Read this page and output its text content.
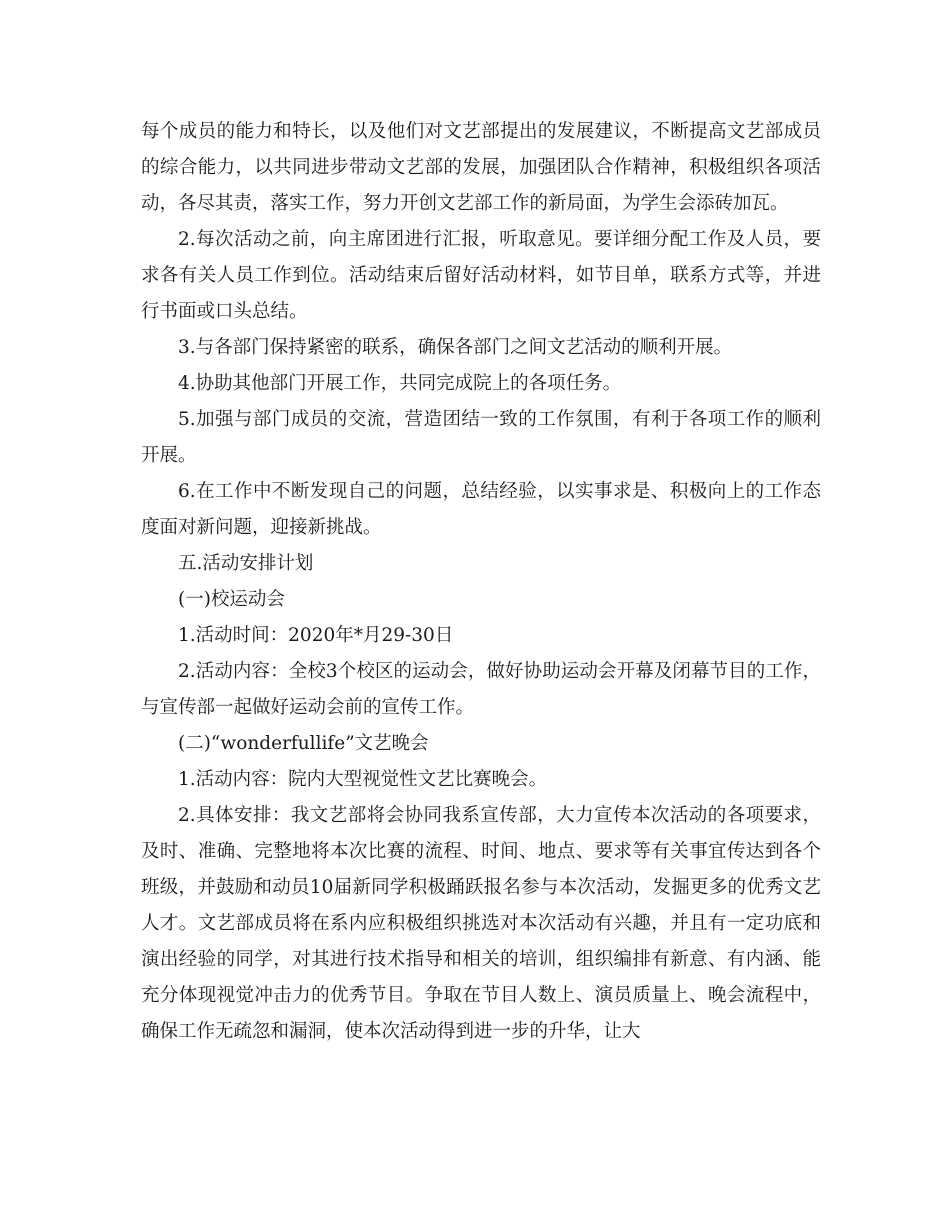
每个成员的能力和特长，以及他们对文艺部提出的发展建议，不断提高文艺部成员的综合能力，以共同进步带动文艺部的发展，加强团队合作精神，积极组织各项活动，各尽其责，落实工作，努力开创文艺部工作的新局面，为学生会添砖加瓦。

2.每次活动之前，向主席团进行汇报，听取意见。要详细分配工作及人员，要求各有关人员工作到位。活动结束后留好活动材料，如节目单，联系方式等，并进行书面或口头总结。

3.与各部门保持紧密的联系，确保各部门之间文艺活动的顺利开展。

4.协助其他部门开展工作，共同完成院上的各项任务。

5.加强与部门成员的交流，营造团结一致的工作氛围，有利于各项工作的顺利开展。

6.在工作中不断发现自己的问题，总结经验，以实事求是、积极向上的工作态度面对新问题，迎接新挑战。

五.活动安排计划

(一)校运动会

1.活动时间：2020年*月29-30日

2.活动内容：全校3个校区的运动会，做好协助运动会开幕及闭幕节目的工作，与宣传部一起做好运动会前的宣传工作。

(二)“wonderfullife”文艺晚会

1.活动内容：院内大型视觉性文艺比赛晚会。

2.具体安排：我文艺部将会协同我系宣传部，大力宣传本次活动的各项要求，及时、准确、完整地将本次比赛的流程、时间、地点、要求等有关事宜传达到各个班级，并鼓励和动员10届新同学积极踊跃报名参与本次活动，发掘更多的优秀文艺人才。文艺部成员将在系内应积极组织挑选对本次活动有兴趣，并且有一定功底和演出经验的同学，对其进行技术指导和相关的培训，组织编排有新意、有内涵、能充分体现视觉冲击力的优秀节目。争取在节目人数上、演员质量上、晚会流程中，确保工作无疏忽和漏洞，使本次活动得到进一步的升华，让大
